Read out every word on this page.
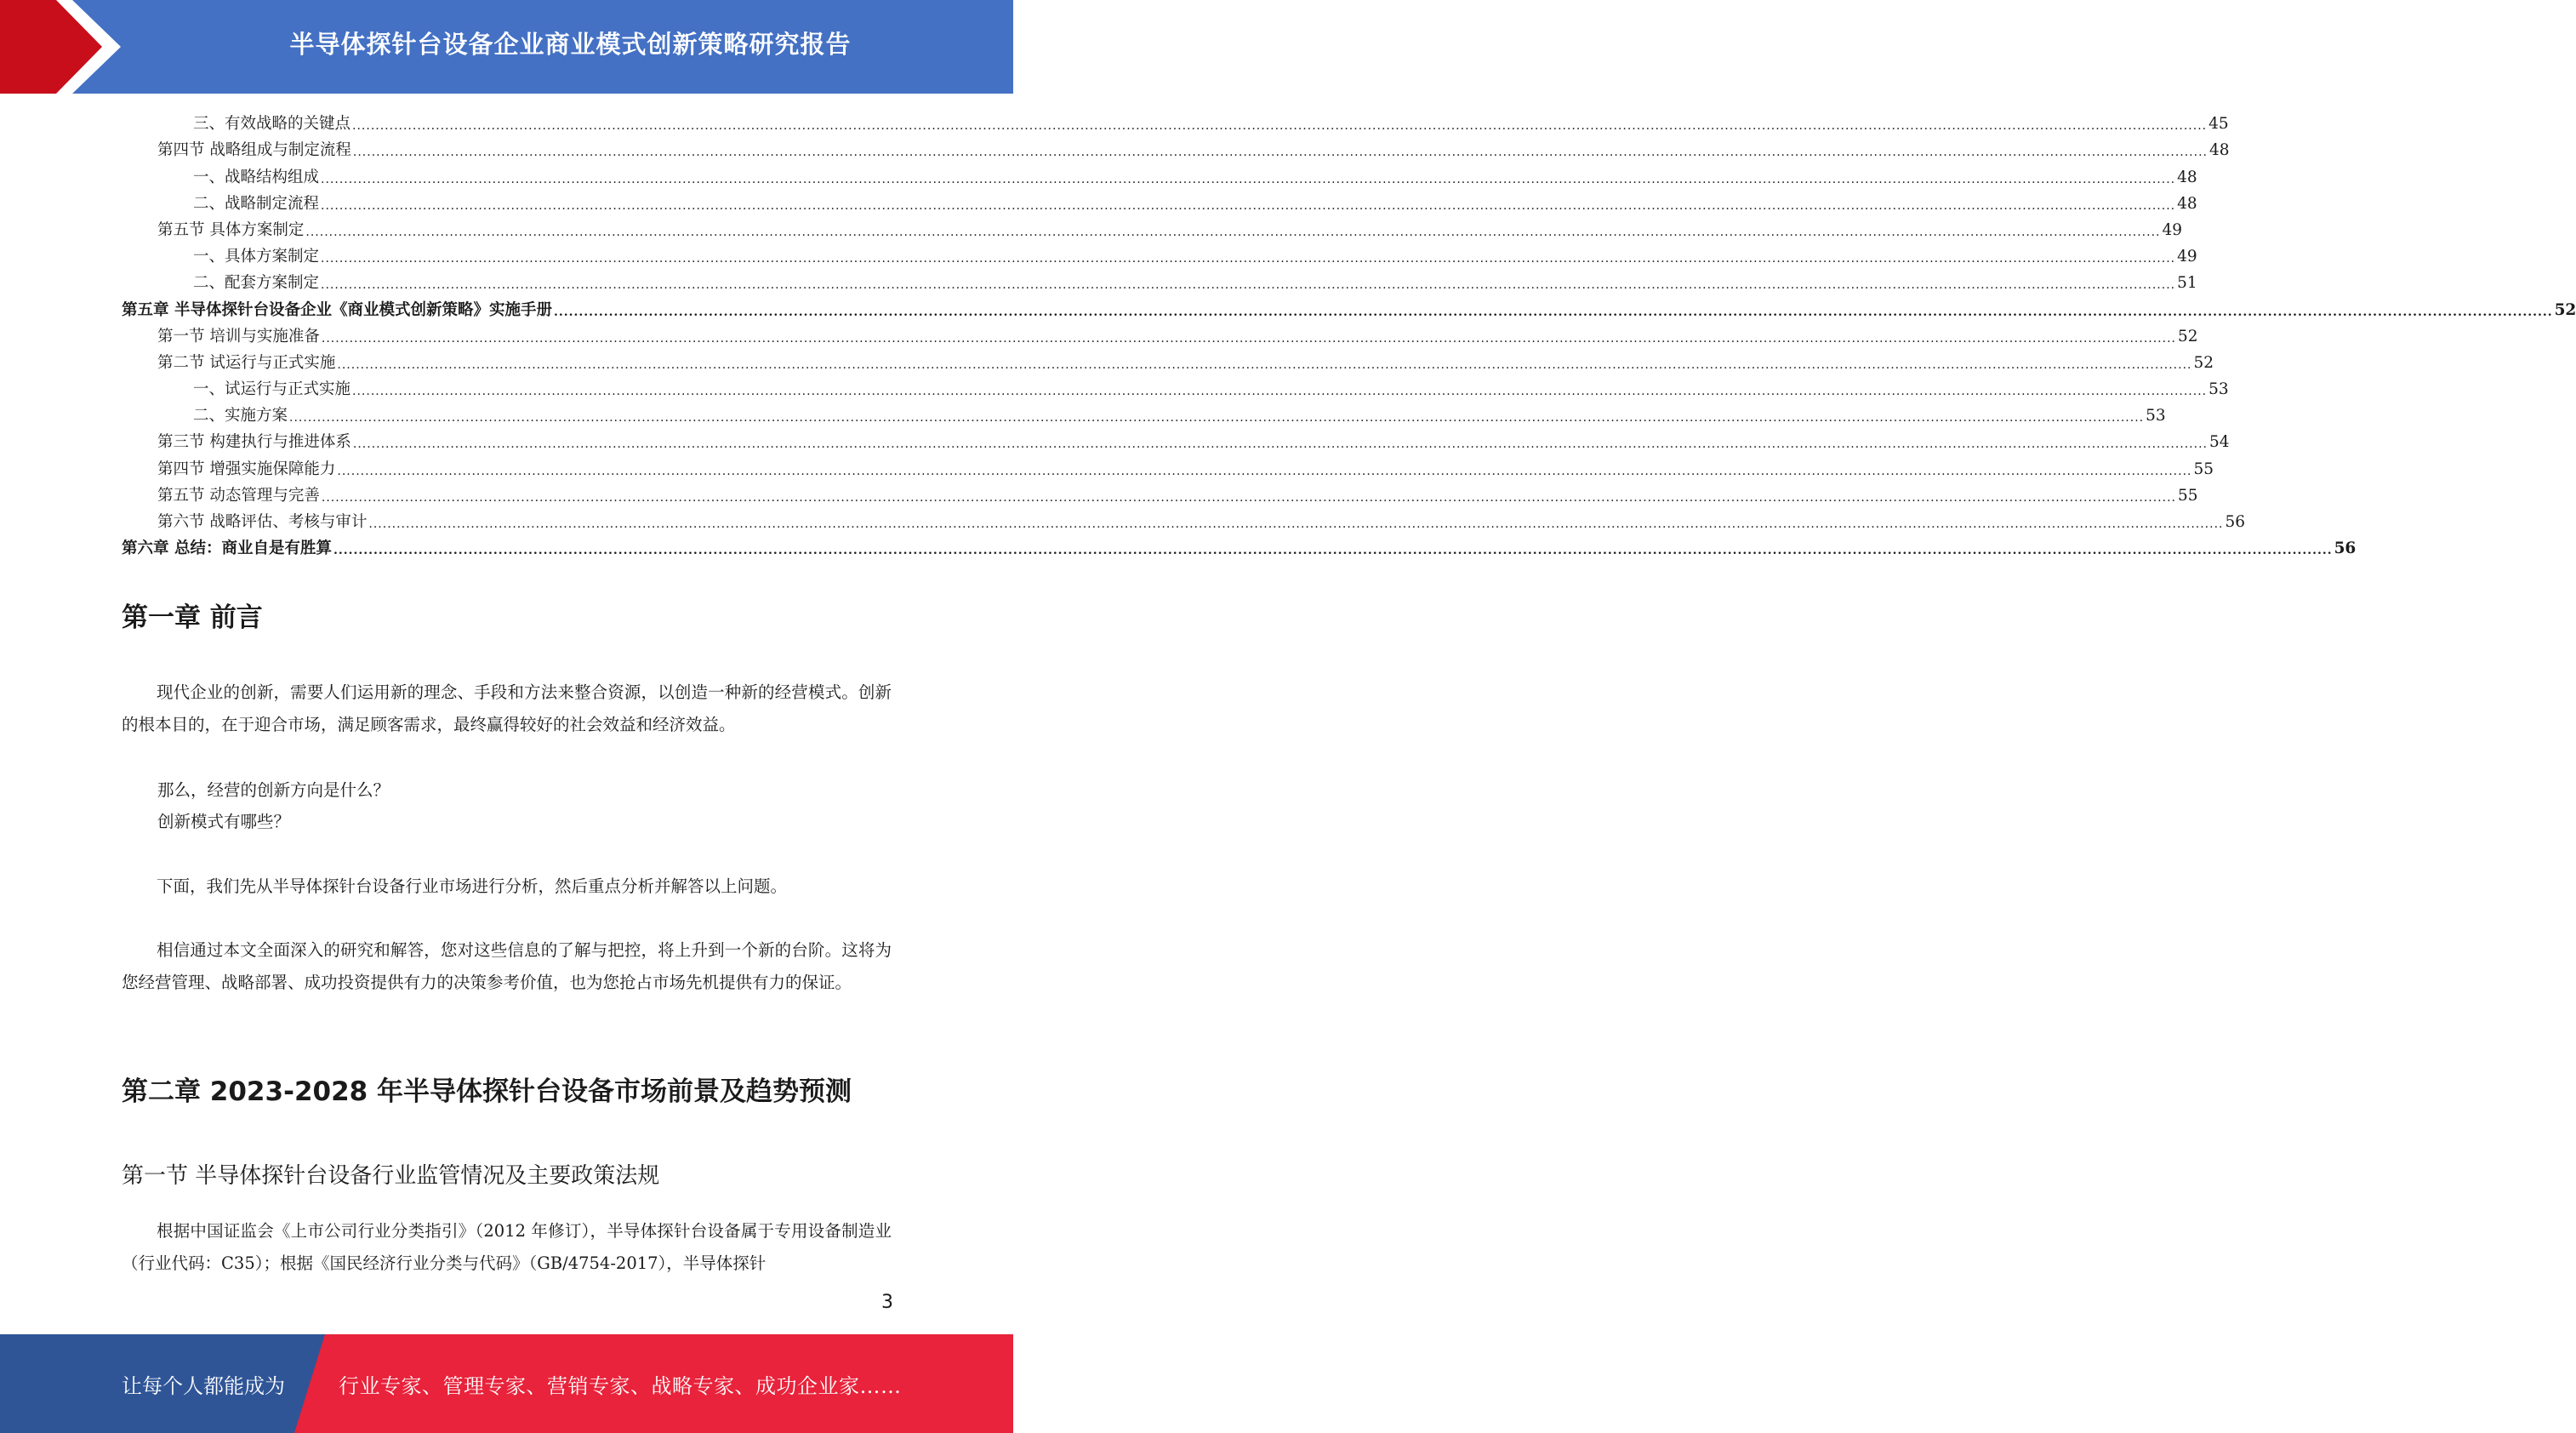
半导体探针台设备企业商业模式创新策略研究报告
三、有效战略的关键点 ................................................................................................................................................................................................................................................................................................................................................................................................................ 45
第四节 战略组成与制定流程 ................................................................................................................................................................................................................................................................................................................................................................................................................ 48
一、战略结构组成 ................................................................................................................................................................................................................................................................................................................................................................................................................ 48
二、战略制定流程 ................................................................................................................................................................................................................................................................................................................................................................................................................ 48
第五节 具体方案制定 ................................................................................................................................................................................................................................................................................................................................................................................................................ 49
一、具体方案制定 ................................................................................................................................................................................................................................................................................................................................................................................................................ 49
二、配套方案制定 ................................................................................................................................................................................................................................................................................................................................................................................................................ 51
第五章 半导体探针台设备企业《商业模式创新策略》实施手册 ................................................................................................................................................................................................................................................................................................................................................................................................................ 52
第一节 培训与实施准备 ................................................................................................................................................................................................................................................................................................................................................................................................................ 52
第二节 试运行与正式实施 ................................................................................................................................................................................................................................................................................................................................................................................................................ 52
一、试运行与正式实施 ................................................................................................................................................................................................................................................................................................................................................................................................................ 53
二、实施方案 ................................................................................................................................................................................................................................................................................................................................................................................................................ 53
第三节 构建执行与推进体系 ................................................................................................................................................................................................................................................................................................................................................................................................................ 54
第四节 增强实施保障能力 ................................................................................................................................................................................................................................................................................................................................................................................................................ 55
第五节 动态管理与完善 ................................................................................................................................................................................................................................................................................................................................................................................................................ 55
第六节 战略评估、考核与审计 ................................................................................................................................................................................................................................................................................................................................................................................................................ 56
第六章 总结：商业自是有胜算 ................................................................................................................................................................................................................................................................................................................................................................................................................ 56
第一章 前言
现代企业的创新，需要人们运用新的理念、手段和方法来整合资源，以创造一种新的经营模式。创新的根本目的，在于迎合市场，满足顾客需求，最终赢得较好的社会效益和经济效益。
那么，经营的创新方向是什么？
创新模式有哪些？
下面，我们先从半导体探针台设备行业市场进行分析，然后重点分析并解答以上问题。
相信通过本文全面深入的研究和解答，您对这些信息的了解与把控，将上升到一个新的台阶。这将为您经营管理、战略部署、成功投资提供有力的决策参考价值，也为您抢占市场先机提供有力的保证。
第二章 2023-2028 年半导体探针台设备市场前景及趋势预测
第一节 半导体探针台设备行业监管情况及主要政策法规
根据中国证监会《上市公司行业分类指引》（2012 年修订），半导体探针台设备属于专用设备制造业（行业代码：C35）；根据《国民经济行业分类与代码》（GB/4754-2017），半导体探针
3
让每个人都能成为	行业专家、管理专家、营销专家、战略专家、成功企业家……
